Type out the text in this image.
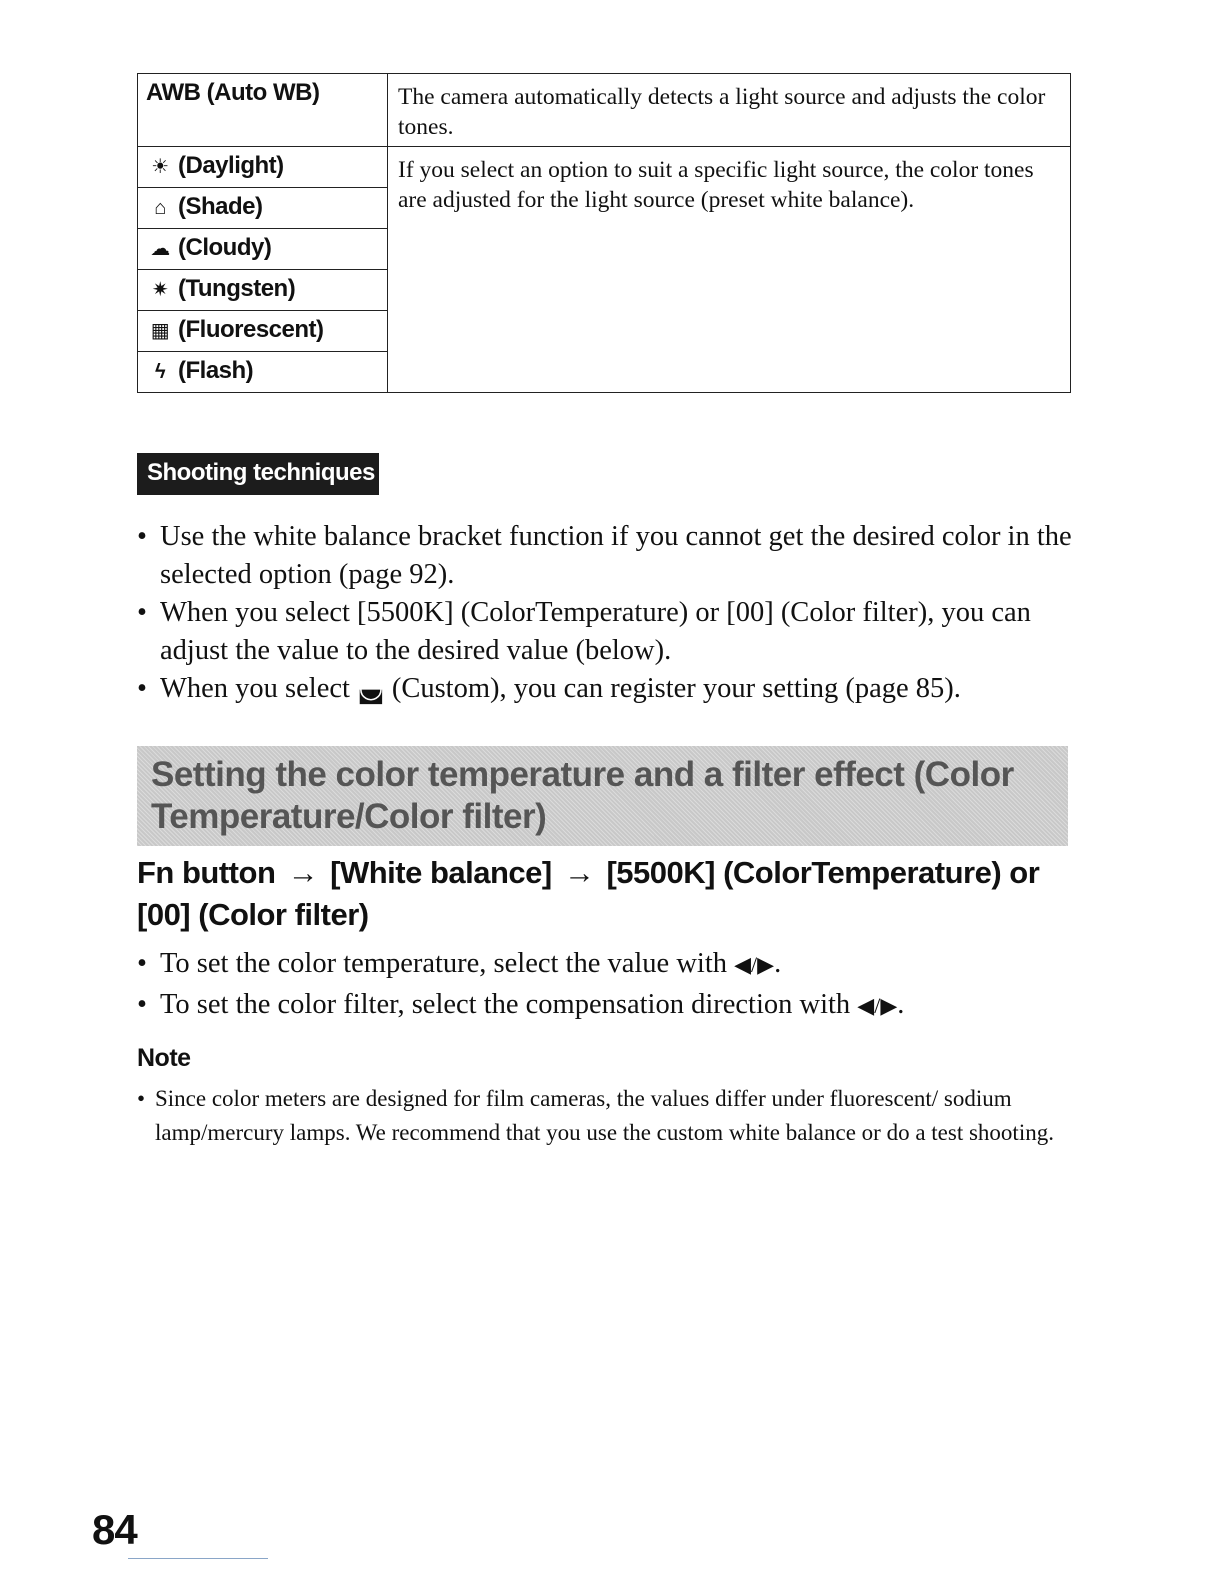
AWB (Auto WB)	The camera automatically detects a light source and adjusts the color tones.
☀ (Daylight)	If you select an option to suit a specific light source, the color tones are adjusted for the light source (preset white balance).
⌂ (Shade)	
☁ (Cloudy)	
✷ (Tungsten)	
▦ (Fluorescent)	
ϟ (Flash)	
Shooting techniques
• Use the white balance bracket function if you cannot get the desired color in the selected option (page 92).
• When you select [5500K] (ColorTemperature) or [00] (Color filter), you can adjust the value to the desired value (below).
• When you select ◛ (Custom), you can register your setting (page 85).
Setting the color temperature and a filter effect (Color Temperature/Color filter)
Fn button → [White balance] → [5500K] (ColorTemperature) or [00] (Color filter)
• To set the color temperature, select the value with ◀/▶.
• To set the color filter, select the compensation direction with ◀/▶.
Note
• Since color meters are designed for film cameras, the values differ under fluorescent/ sodium lamp/mercury lamps. We recommend that you use the custom white balance or do a test shooting.
84
